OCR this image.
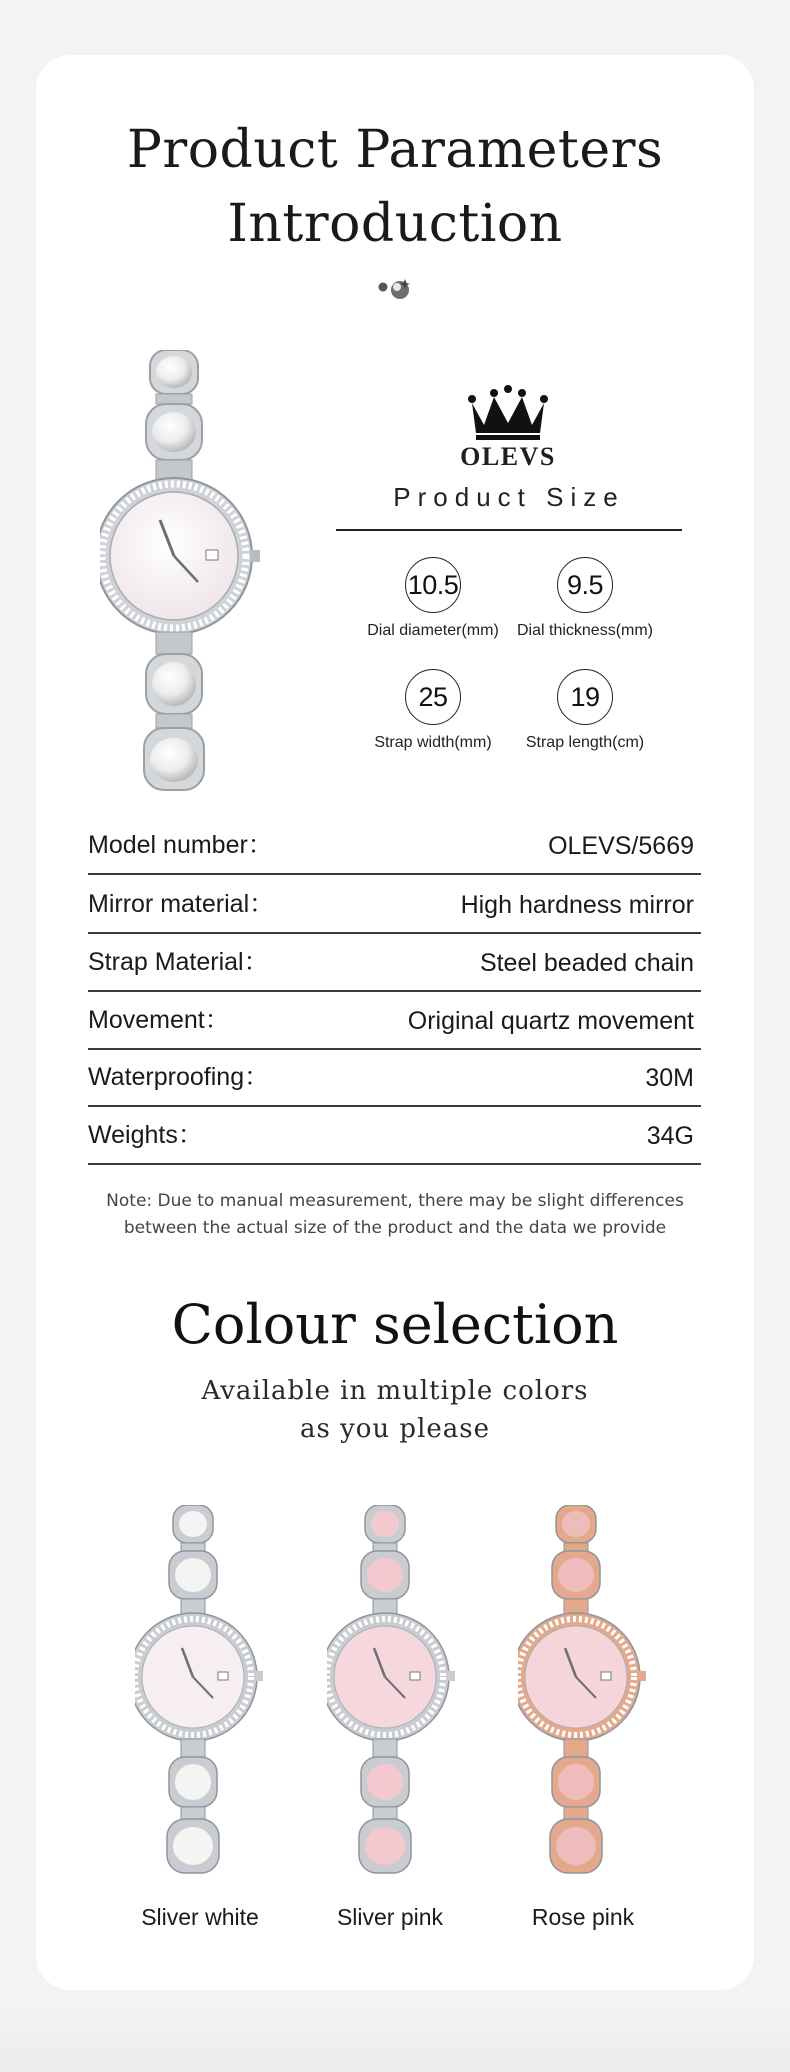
Product Parameters
Introduction
OLEVS
Product Size
10.5
Dial diameter(mm)
9.5
Dial thickness(mm)
25
Strap width(mm)
19
Strap length(cm)
Model number：	OLEVS/5669
Mirror material：	High hardness mirror
Strap Material：	Steel beaded chain
Movement：	Original quartz movement
Waterproofing：	30M
Weights：	34G
Note: Due to manual measurement, there may be slight differences
between the actual size of the product and the data we provide
Colour selection
Available in multiple colors
as you please
Sliver white	Sliver pink	Rose pink
